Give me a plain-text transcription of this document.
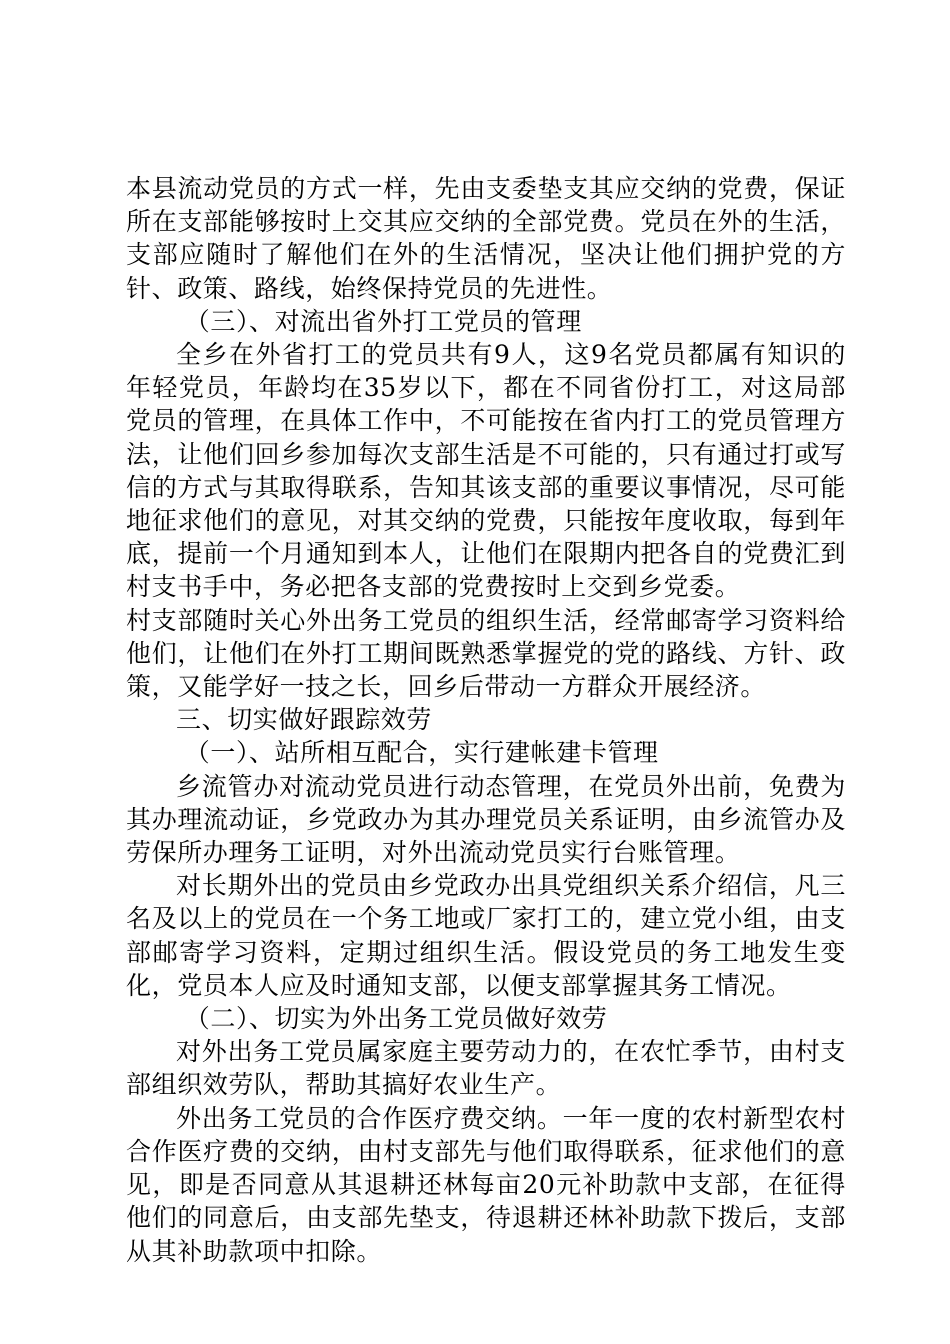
本县流动党员的方式一样，先由支委垫支其应交纳的党费，保证所在支部能够按时上交其应交纳的全部党费。党员在外的生活，支部应随时了解他们在外的生活情况，坚决让他们拥护党的方针、政策、路线，始终保持党员的先进性。

（三）、对流出省外打工党员的管理

全乡在外省打工的党员共有9人，这9名党员都属有知识的年轻党员，年龄均在35岁以下，都在不同省份打工，对这局部党员的管理，在具体工作中，不可能按在省内打工的党员管理方法，让他们回乡参加每次支部生活是不可能的，只有通过打或写信的方式与其取得联系，告知其该支部的重要议事情况，尽可能地征求他们的意见，对其交纳的党费，只能按年度收取，每到年底，提前一个月通知到本人，让他们在限期内把各自的党费汇到村支书手中，务必把各支部的党费按时上交到乡党委。

村支部随时关心外出务工党员的组织生活，经常邮寄学习资料给他们，让他们在外打工期间既熟悉掌握党的党的路线、方针、政策，又能学好一技之长，回乡后带动一方群众开展经济。

三、切实做好跟踪效劳

（一）、站所相互配合，实行建帐建卡管理

乡流管办对流动党员进行动态管理，在党员外出前，免费为其办理流动证，乡党政办为其办理党员关系证明，由乡流管办及劳保所办理务工证明，对外出流动党员实行台账管理。

对长期外出的党员由乡党政办出具党组织关系介绍信，凡三名及以上的党员在一个务工地或厂家打工的，建立党小组，由支部邮寄学习资料，定期过组织生活。假设党员的务工地发生变化，党员本人应及时通知支部，以便支部掌握其务工情况。

（二）、切实为外出务工党员做好效劳

对外出务工党员属家庭主要劳动力的，在农忙季节，由村支部组织效劳队，帮助其搞好农业生产。

外出务工党员的合作医疗费交纳。一年一度的农村新型农村合作医疗费的交纳，由村支部先与他们取得联系，征求他们的意见，即是否同意从其退耕还林每亩20元补助款中支部，在征得他们的同意后，由支部先垫支，待退耕还林补助款下拨后，支部从其补助款项中扣除。
